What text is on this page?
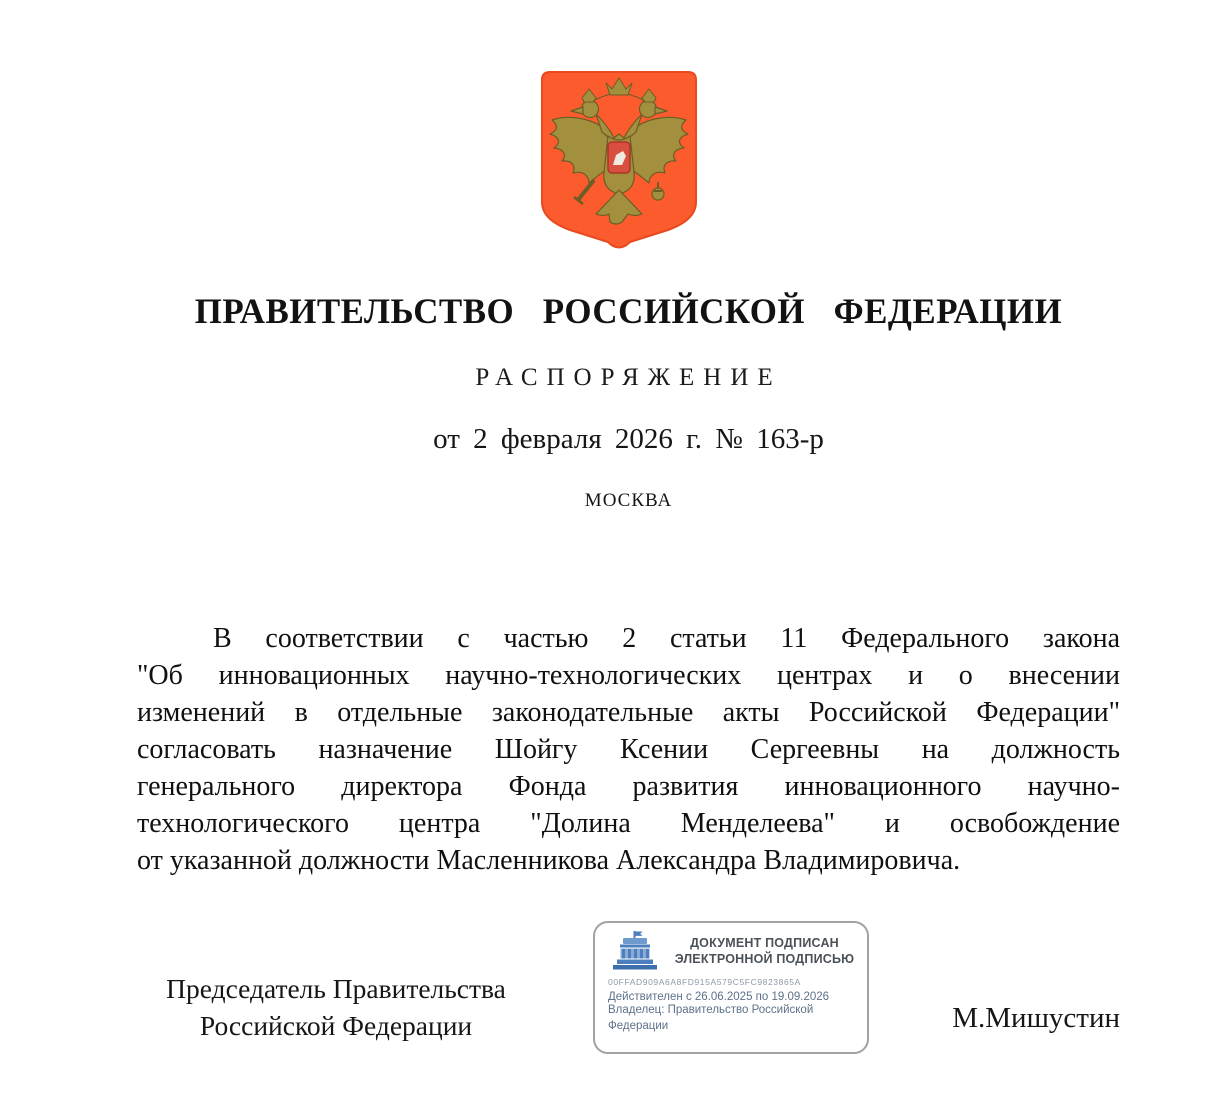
ПРАВИТЕЛЬСТВО РОССИЙСКОЙ ФЕДЕРАЦИИ
РАСПОРЯЖЕНИЕ
от 2 февраля 2026 г. № 163-р
МОСКВА
В соответствии с частью 2 статьи 11 Федерального закона
"Об инновационных научно-технологических центрах и о внесении
изменений в отдельные законодательные акты Российской Федерации"
согласовать назначение Шойгу Ксении Сергеевны на должность
генерального директора Фонда развития инновационного научно-
технологического центра "Долина Менделеева" и освобождение
от указанной должности Масленникова Александра Владимировича.
Председатель Правительства
Российской Федерации
ДОКУМЕНТ ПОДПИСАН
ЭЛЕКТРОННОЙ ПОДПИСЬЮ
00FFAD909A6A8FD915A579C5FC9823865A
Действителен с 26.06.2025 по 19.09.2026
Владелец: Правительство Российской Федерации	М.Мишустин
